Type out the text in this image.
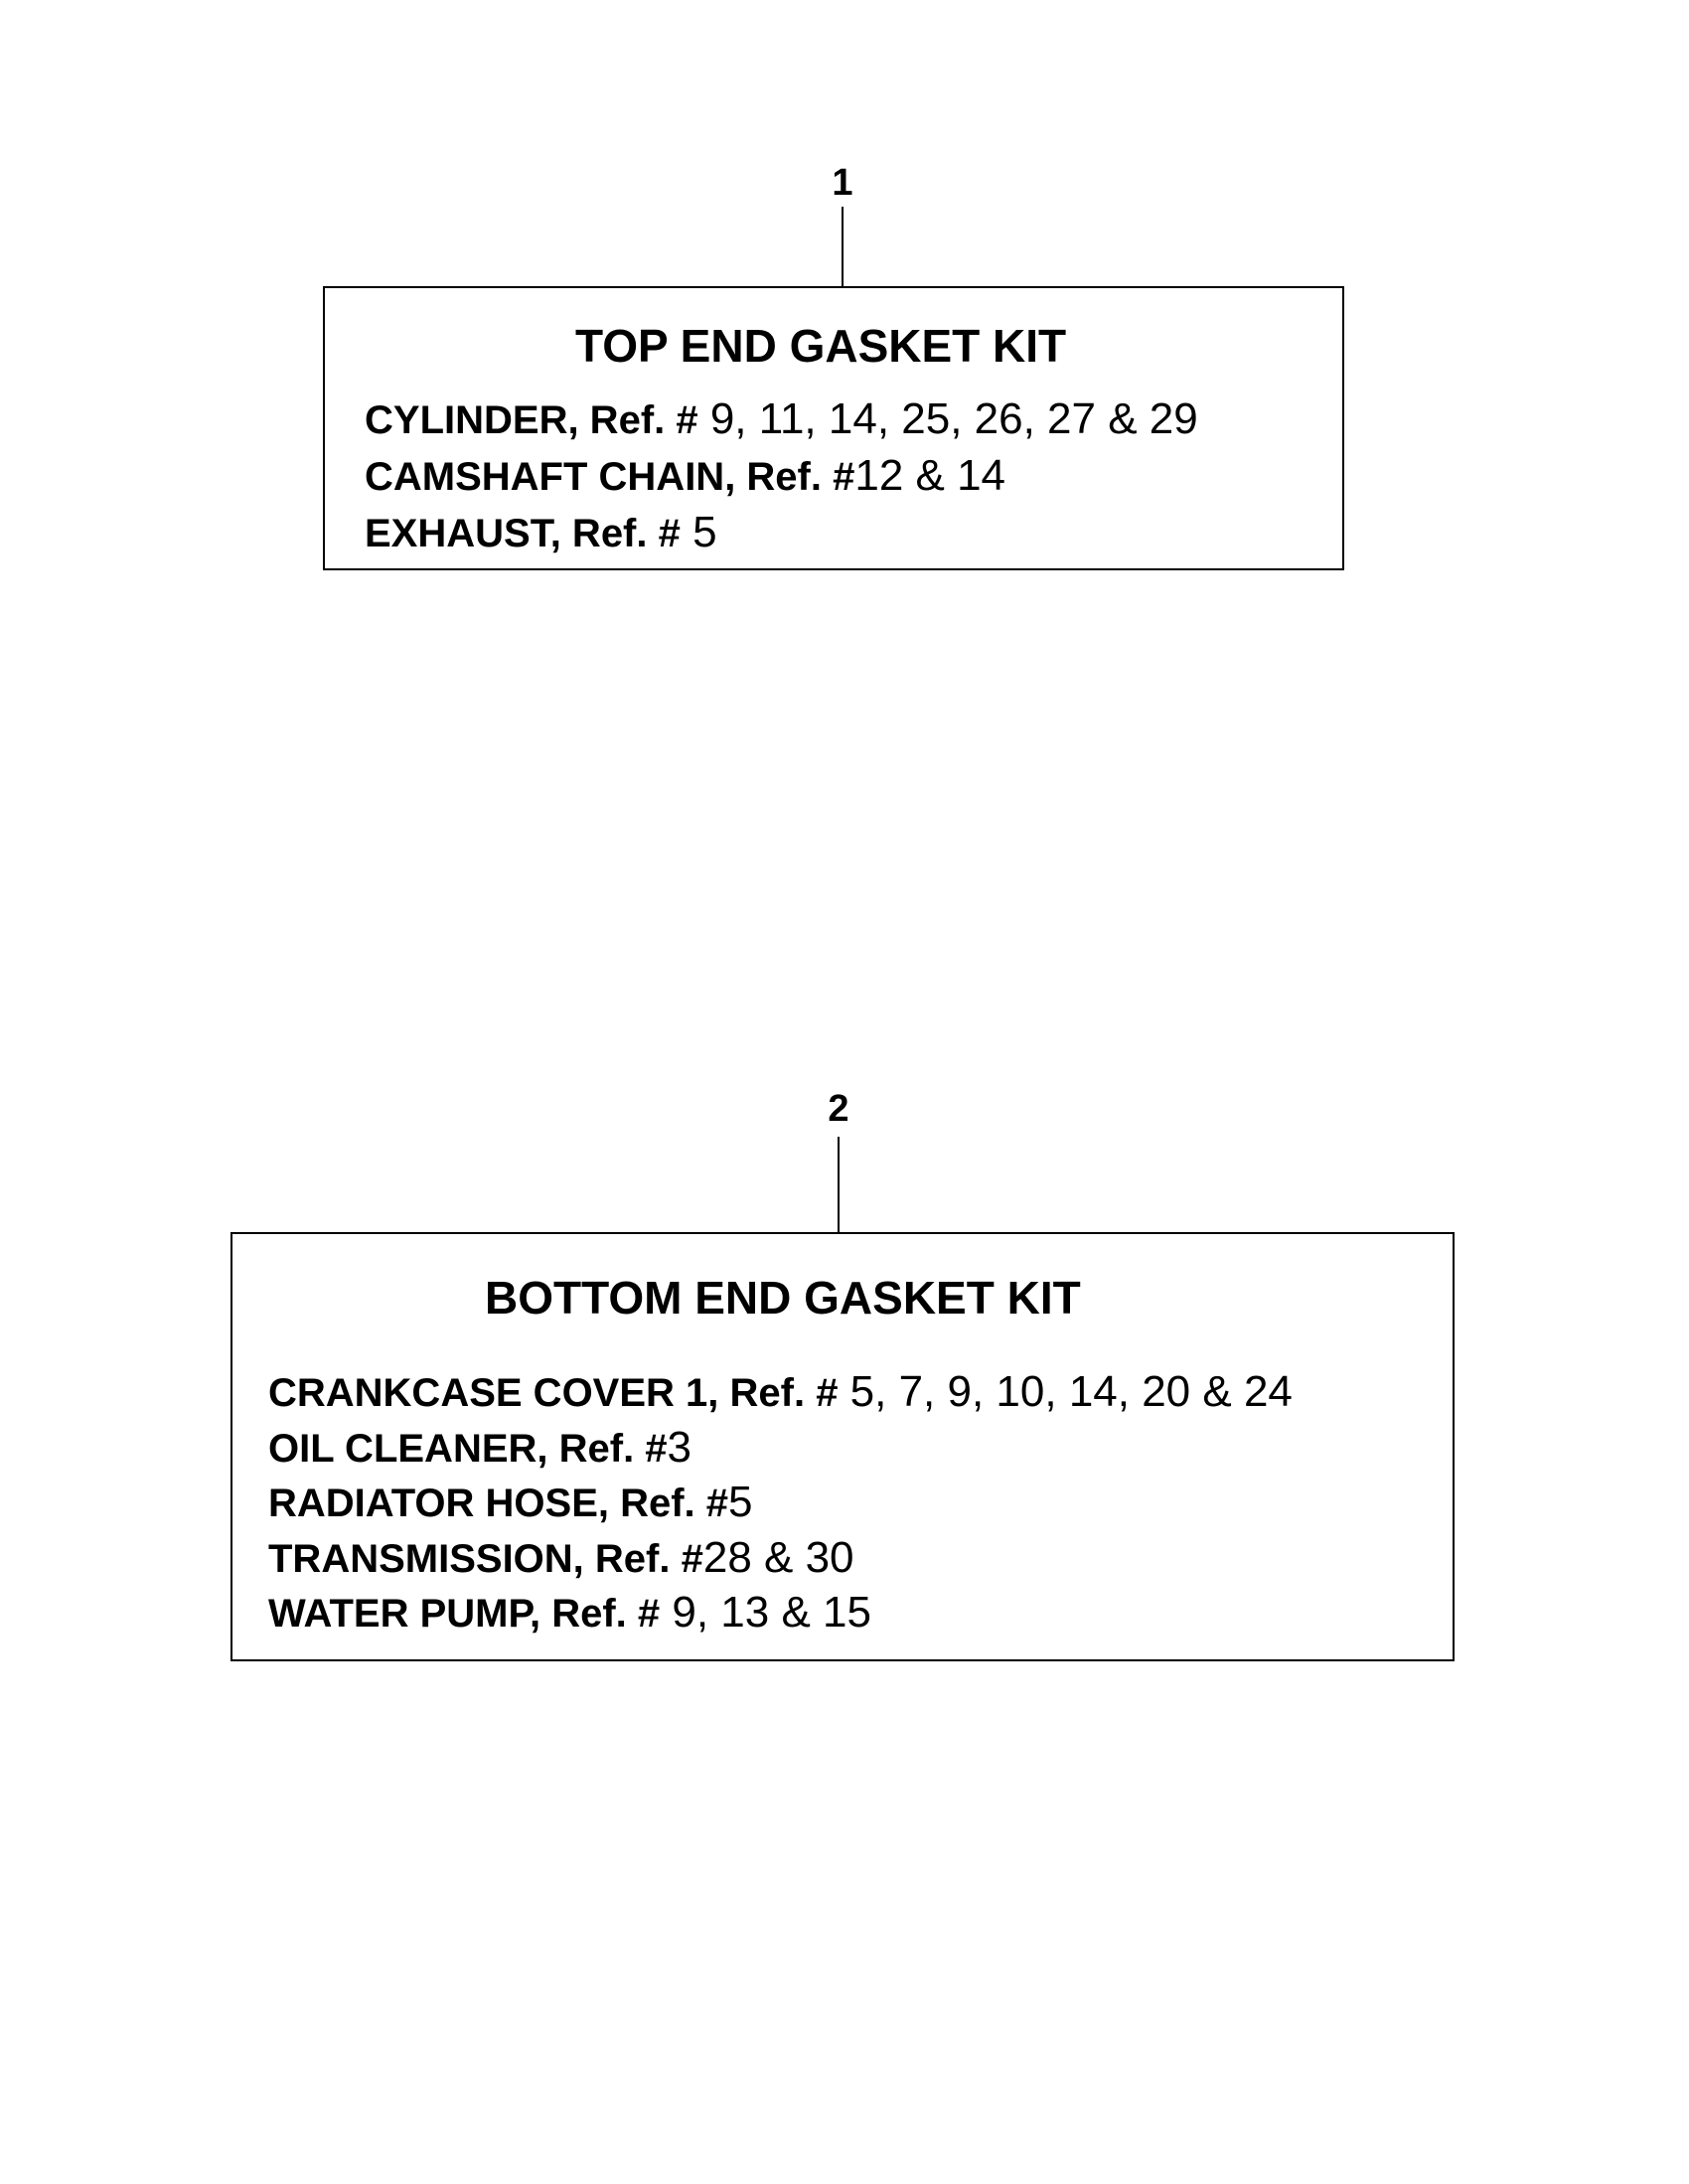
1
TOP END GASKET KIT
CYLINDER, Ref. # 9, 11, 14, 25, 26, 27 & 29
CAMSHAFT CHAIN, Ref. #12 & 14
EXHAUST, Ref. # 5
2
BOTTOM END GASKET KIT
CRANKCASE COVER 1, Ref. # 5, 7, 9, 10, 14, 20 & 24
OIL CLEANER, Ref. #3
RADIATOR HOSE, Ref. #5
TRANSMISSION, Ref. #28 & 30
WATER PUMP, Ref. # 9, 13 & 15
